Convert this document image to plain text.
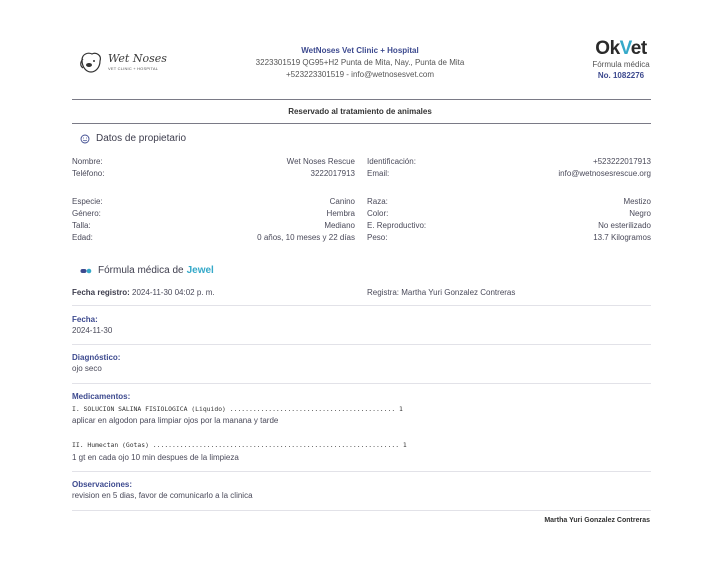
Wet Noses
VET CLINIC + HOSPITAL
WetNoses Vet Clinic + Hospital
3223301519 QG95+H2 Punta de Mita, Nay., Punta de Mita
+523223301519 - info@wetnosesvet.com
OkVet
Fórmula médica
No. 1082276
Reservado al tratamiento de animales
Datos de propietario
Nombre:	Wet Noses Rescue
Teléfono:	3222017913
Identificación:	+523222017913
Email:	info@wetnosesrescue.org
Especie:	Canino
Género:	Hembra
Talla:	Mediano
Edad:	0 años, 10 meses y 22 días
Raza:	Mestizo
Color:	Negro
E. Reproductivo:	No esterilizado
Peso:	13.7 Kilogramos
Fórmula médica de Jewel
Fecha registro: 2024-11-30 04:02 p. m.	Registra: Martha Yuri Gonzalez Contreras
Fecha:
2024-11-30
Diagnóstico:
ojo seco
Medicamentos:
I. SOLUCION SALINA FISIOLOGICA (Liquido) ........................................... 1
aplicar en algodon para limpiar ojos por la manana y tarde
II. Humectan (Gotas) ................................................................ 1
1 gt en cada ojo 10 min despues de la limpieza
Observaciones:
revision en 5 dias, favor de comunicarlo a la clinica
Martha Yuri Gonzalez Contreras
